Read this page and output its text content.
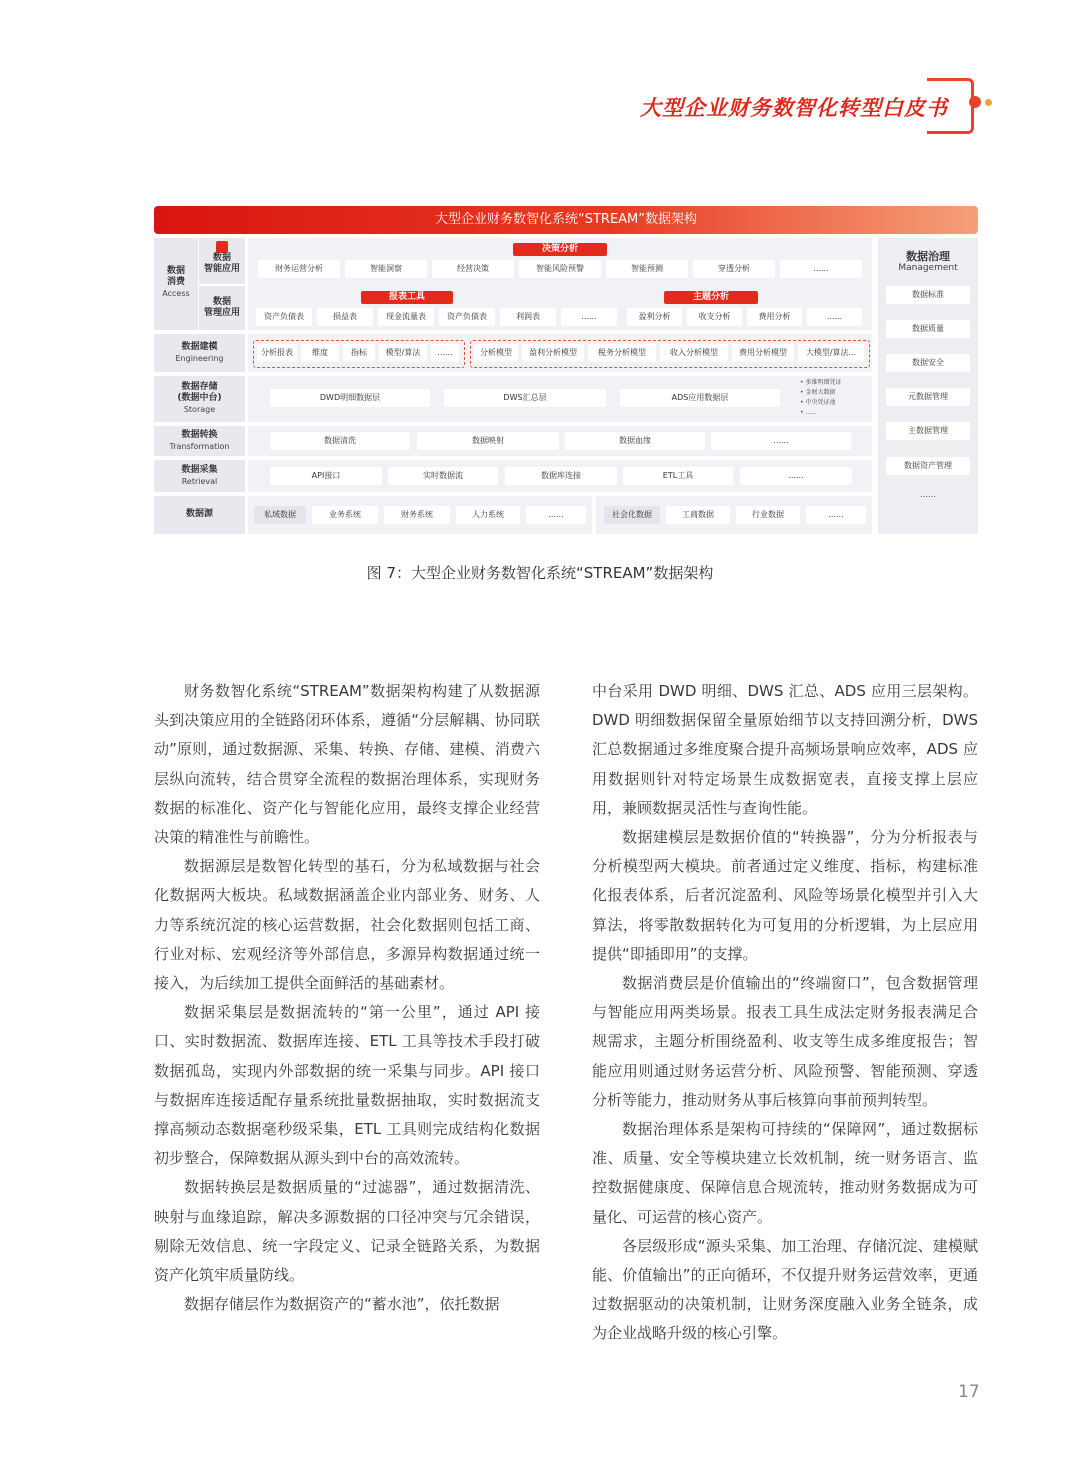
大型企业财务数智化转型白皮书
大型企业财务数智化系统“STREAM”数据架构
数据
消费
Access
数据
智能应用
数据
管理应用
决策分析
财务运营分析	智能洞察	经营决策	智能风险预警	智能预测	穿透分析	......
报表工具	主题分析
资产负债表	损益表	现金流量表	资产负债表	利润表	......	盈利分析	收支分析	费用分析	......
数据建模
Engineering
分析报表	维度	指标	模型/算法	......	分析模型	盈利分析模型	税务分析模型	收入分析模型	费用分析模型	大模型/算法...
数据存储
(数据中台)
Storage
DWD明细数据层	DWS汇总层	ADS应用数据层
• 多维明细凭证
• 金财大数据
• 中央凭证池
• ......
数据转换
Transformation
数据清洗	数据映射	数据血缘	......
数据采集
Retrieval
API接口	实时数据流	数据库连接	ETL工具	......
数据源	私域数据	业务系统	财务系统	人力系统	......	社会化数据	工商数据	行业数据	......
数据治理
Management
数据标准
数据质量
数据安全
元数据管理
主数据管理
数据资产管理
......
图 7：大型企业财务数智化系统“STREAM”数据架构

财务数智化系统“STREAM”数据架构构建了从数据源头到决策应用的全链路闭环体系，遵循“分层解耦、协同联动”原则，通过数据源、采集、转换、存储、建模、消费六层纵向流转，结合贯穿全流程的数据治理体系，实现财务数据的标准化、资产化与智能化应用，最终支撑企业经营决策的精准性与前瞻性。

数据源层是数智化转型的基石，分为私域数据与社会化数据两大板块。私域数据涵盖企业内部业务、财务、人力等系统沉淀的核心运营数据，社会化数据则包括工商、行业对标、宏观经济等外部信息，多源异构数据通过统一接入，为后续加工提供全面鲜活的基础素材。

数据采集层是数据流转的“第一公里”，通过 API 接口、实时数据流、数据库连接、ETL 工具等技术手段打破数据孤岛，实现内外部数据的统一采集与同步。API 接口与数据库连接适配存量系统批量数据抽取，实时数据流支撑高频动态数据毫秒级采集，ETL 工具则完成结构化数据初步整合，保障数据从源头到中台的高效流转。

数据转换层是数据质量的“过滤器”，通过数据清洗、映射与血缘追踪，解决多源数据的口径冲突与冗余错误，剔除无效信息、统一字段定义、记录全链路关系，为数据资产化筑牢质量防线。

数据存储层作为数据资产的“蓄水池”，依托数据

中台采用 DWD 明细、DWS 汇总、ADS 应用三层架构。DWD 明细数据保留全量原始细节以支持回溯分析，DWS 汇总数据通过多维度聚合提升高频场景响应效率，ADS 应用数据则针对特定场景生成数据宽表，直接支撑上层应用，兼顾数据灵活性与查询性能。

数据建模层是数据价值的“转换器”，分为分析报表与分析模型两大模块。前者通过定义维度、指标，构建标准化报表体系，后者沉淀盈利、风险等场景化模型并引入大算法，将零散数据转化为可复用的分析逻辑，为上层应用提供“即插即用”的支撑。

数据消费层是价值输出的“终端窗口”，包含数据管理与智能应用两类场景。报表工具生成法定财务报表满足合规需求，主题分析围绕盈利、收支等生成多维度报告；智能应用则通过财务运营分析、风险预警、智能预测、穿透分析等能力，推动财务从事后核算向事前预判转型。

数据治理体系是架构可持续的“保障网”，通过数据标准、质量、安全等模块建立长效机制，统一财务语言、监控数据健康度、保障信息合规流转，推动财务数据成为可量化、可运营的核心资产。

各层级形成“源头采集、加工治理、存储沉淀、建模赋能、价值输出”的正向循环，不仅提升财务运营效率，更通过数据驱动的决策机制，让财务深度融入业务全链条，成为企业战略升级的核心引擎。

17
